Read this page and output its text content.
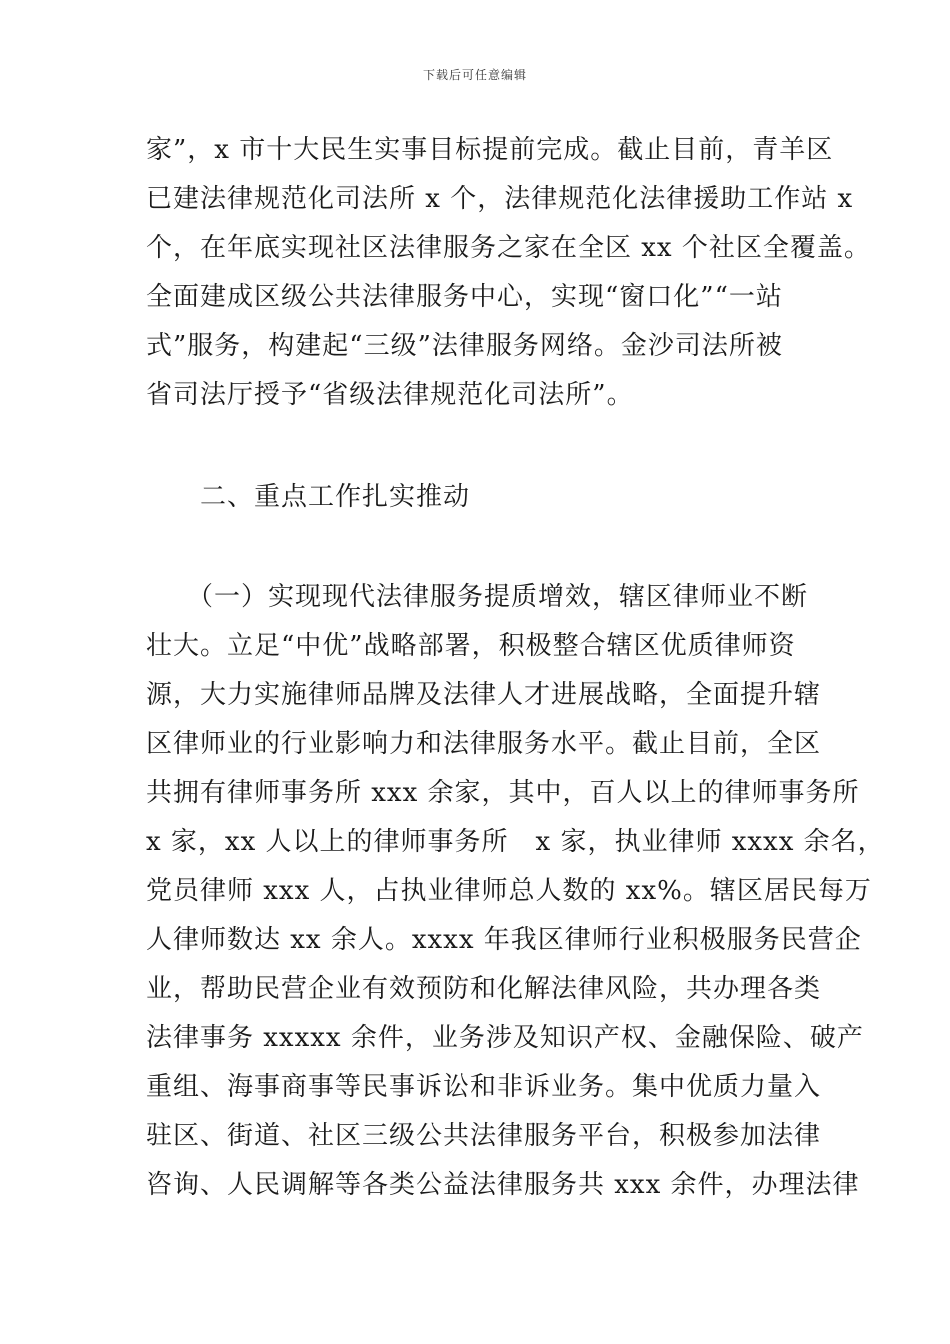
下载后可任意编辑
家”，x 市十大民生实事目标提前完成。截止目前，青羊区
已建法律规范化司法所 x 个，法律规范化法律援助工作站 x
个，在年底实现社区法律服务之家在全区 xx 个社区全覆盖。
全面建成区级公共法律服务中心，实现“窗口化”“一站
式”服务，构建起“三级”法律服务网络。金沙司法所被
省司法厅授予“省级法律规范化司法所”。
　　二、重点工作扎实推动
　　（一）实现现代法律服务提质增效，辖区律师业不断
壮大。立足“中优”战略部署，积极整合辖区优质律师资
源，大力实施律师品牌及法律人才进展战略，全面提升辖
区律师业的行业影响力和法律服务水平。截止目前，全区
共拥有律师事务所 xxx 余家，其中，百人以上的律师事务所
x 家，xx 人以上的律师事务所　x 家，执业律师 xxxx 余名，
党员律师 xxx 人，占执业律师总人数的 xx%。辖区居民每万
人律师数达 xx 余人。xxxx 年我区律师行业积极服务民营企
业，帮助民营企业有效预防和化解法律风险，共办理各类
法律事务 xxxxx 余件，业务涉及知识产权、金融保险、破产
重组、海事商事等民事诉讼和非诉业务。集中优质力量入
驻区、街道、社区三级公共法律服务平台，积极参加法律
咨询、人民调解等各类公益法律服务共 xxx 余件，办理法律
